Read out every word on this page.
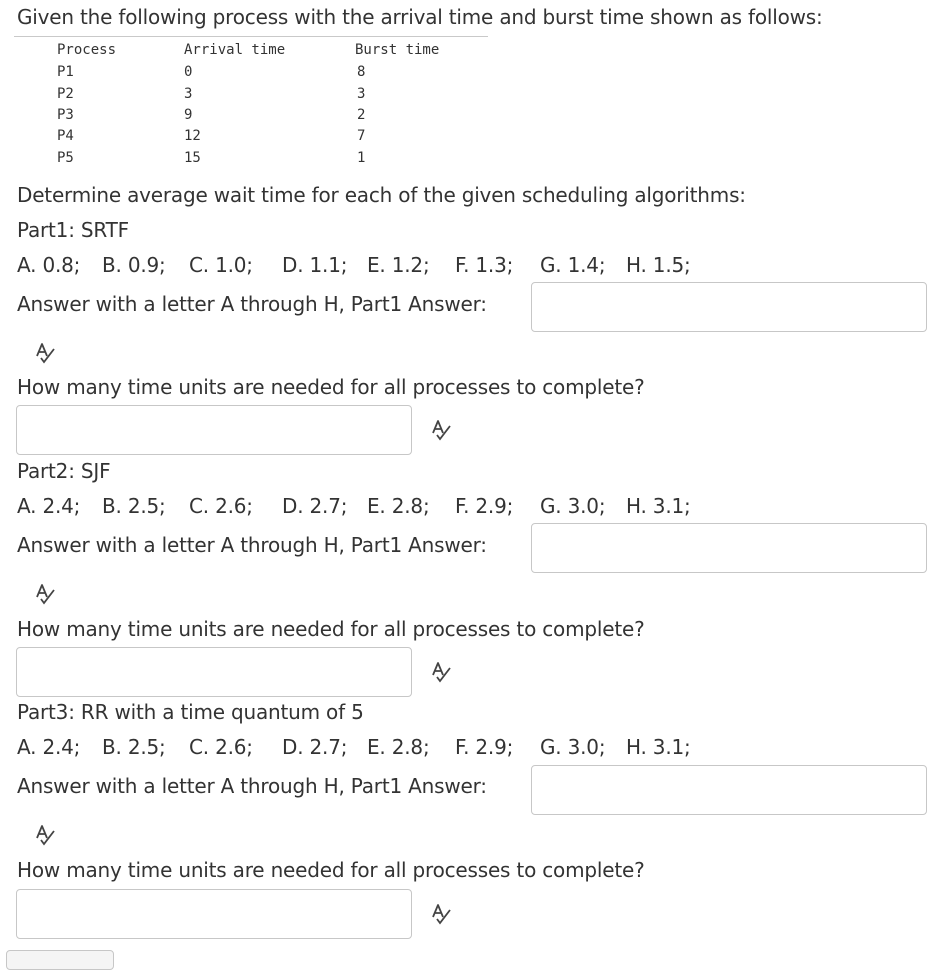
Given the following process with the arrival time and burst time shown as follows:
Process	Arrival time	Burst time
P1	0	8
P2	3	3
P3	9	2
P4	12	7
P5	15	1
Determine average wait time for each of the given scheduling algorithms:
Part1: SRTF
A. 0.8; B. 0.9; C. 1.0; D. 1.1; E. 1.2; F. 1.3; G. 1.4; H. 1.5;
Answer with a letter A through H, Part1 Answer:
How many time units are needed for all processes to complete?
Part2: SJF
A. 2.4; B. 2.5; C. 2.6; D. 2.7; E. 2.8; F. 2.9; G. 3.0; H. 3.1;
Answer with a letter A through H, Part1 Answer:
How many time units are needed for all processes to complete?
Part3: RR with a time quantum of 5
A. 2.4; B. 2.5; C. 2.6; D. 2.7; E. 2.8; F. 2.9; G. 3.0; H. 3.1;
Answer with a letter A through H, Part1 Answer:
How many time units are needed for all processes to complete?
